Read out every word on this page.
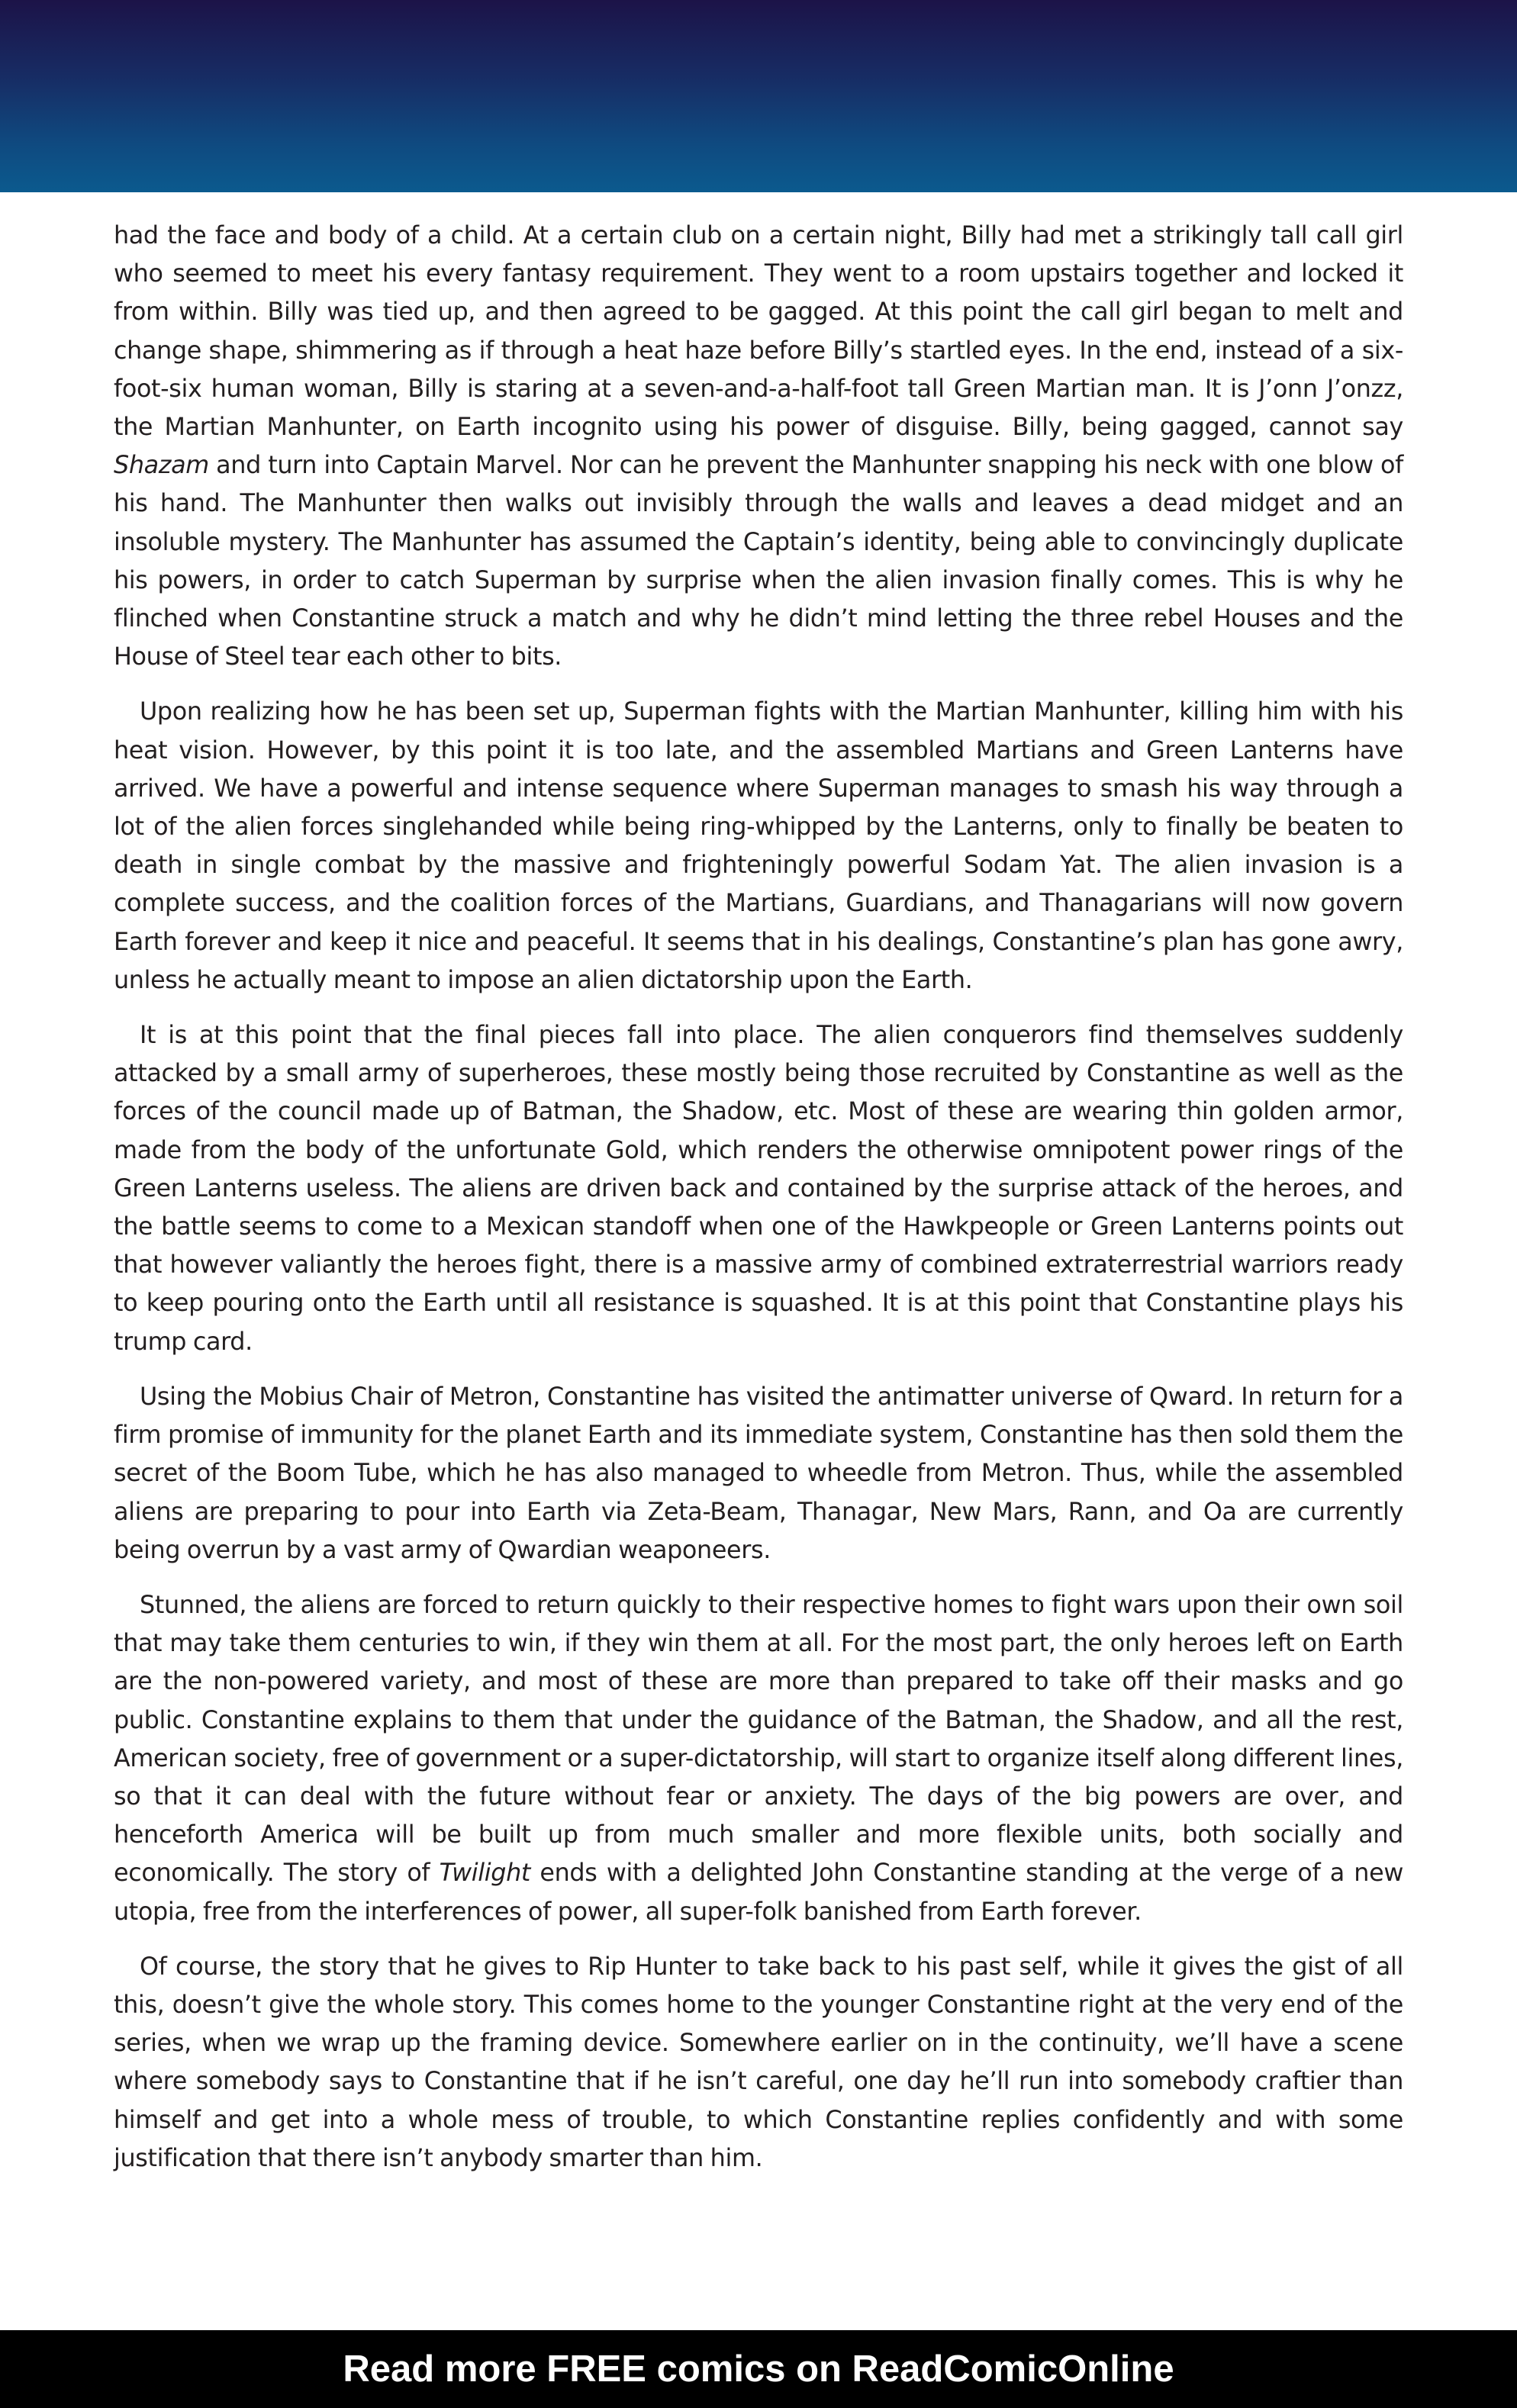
had the face and body of a child. At a certain club on a certain night, Billy had met a strikingly tall call girl who seemed to meet his every fantasy requirement. They went to a room upstairs together and locked it from within. Billy was tied up, and then agreed to be gagged. At this point the call girl began to melt and change shape, shimmering as if through a heat haze before Billy’s startled eyes. In the end, instead of a six-foot-six human woman, Billy is staring at a seven-and-a-half-foot tall Green Martian man. It is J’onn J’onzz, the Martian Manhunter, on Earth incognito using his power of disguise. Billy, being gagged, cannot say Shazam and turn into Captain Marvel. Nor can he prevent the Manhunter snapping his neck with one blow of his hand. The Manhunter then walks out invisibly through the walls and leaves a dead midget and an insoluble mystery. The Manhunter has assumed the Captain’s identity, being able to convincingly duplicate his powers, in order to catch Superman by surprise when the alien invasion finally comes. This is why he flinched when Constantine struck a match and why he didn’t mind letting the three rebel Houses and the House of Steel tear each other to bits.

Upon realizing how he has been set up, Superman fights with the Martian Manhunter, killing him with his heat vision. However, by this point it is too late, and the assembled Martians and Green Lanterns have arrived. We have a powerful and intense sequence where Superman manages to smash his way through a lot of the alien forces singlehanded while being ring-whipped by the Lanterns, only to finally be beaten to death in single combat by the massive and frighteningly powerful Sodam Yat. The alien invasion is a complete success, and the coalition forces of the Martians, Guardians, and Thanagarians will now govern Earth forever and keep it nice and peaceful. It seems that in his dealings, Constantine’s plan has gone awry, unless he actually meant to impose an alien dictatorship upon the Earth.

It is at this point that the final pieces fall into place. The alien conquerors find themselves suddenly attacked by a small army of superheroes, these mostly being those recruited by Constantine as well as the forces of the council made up of Batman, the Shadow, etc. Most of these are wearing thin golden armor, made from the body of the unfortunate Gold, which renders the otherwise omnipotent power rings of the Green Lanterns useless. The aliens are driven back and contained by the surprise attack of the heroes, and the battle seems to come to a Mexican standoff when one of the Hawkpeople or Green Lanterns points out that however valiantly the heroes fight, there is a massive army of combined extraterrestrial warriors ready to keep pouring onto the Earth until all resistance is squashed. It is at this point that Constantine plays his trump card.

Using the Mobius Chair of Metron, Constantine has visited the antimatter universe of Qward. In return for a firm promise of immunity for the planet Earth and its immediate system, Constantine has then sold them the secret of the Boom Tube, which he has also managed to wheedle from Metron. Thus, while the assembled aliens are preparing to pour into Earth via Zeta-Beam, Thanagar, New Mars, Rann, and Oa are currently being overrun by a vast army of Qwardian weaponeers.

Stunned, the aliens are forced to return quickly to their respective homes to fight wars upon their own soil that may take them centuries to win, if they win them at all. For the most part, the only heroes left on Earth are the non-powered variety, and most of these are more than prepared to take off their masks and go public. Constantine explains to them that under the guidance of the Batman, the Shadow, and all the rest, American society, free of government or a super-dictatorship, will start to organize itself along different lines, so that it can deal with the future without fear or anxiety. The days of the big powers are over, and henceforth America will be built up from much smaller and more flexible units, both socially and economically. The story of Twilight ends with a delighted John Constantine standing at the verge of a new utopia, free from the interferences of power, all super-folk banished from Earth forever.

Of course, the story that he gives to Rip Hunter to take back to his past self, while it gives the gist of all this, doesn’t give the whole story. This comes home to the younger Constantine right at the very end of the series, when we wrap up the framing device. Somewhere earlier on in the continuity, we’ll have a scene where somebody says to Constantine that if he isn’t careful, one day he’ll run into somebody craftier than himself and get into a whole mess of trouble, to which Constantine replies confidently and with some justification that there isn’t anybody smarter than him.

Read more FREE comics on ReadComicOnline
